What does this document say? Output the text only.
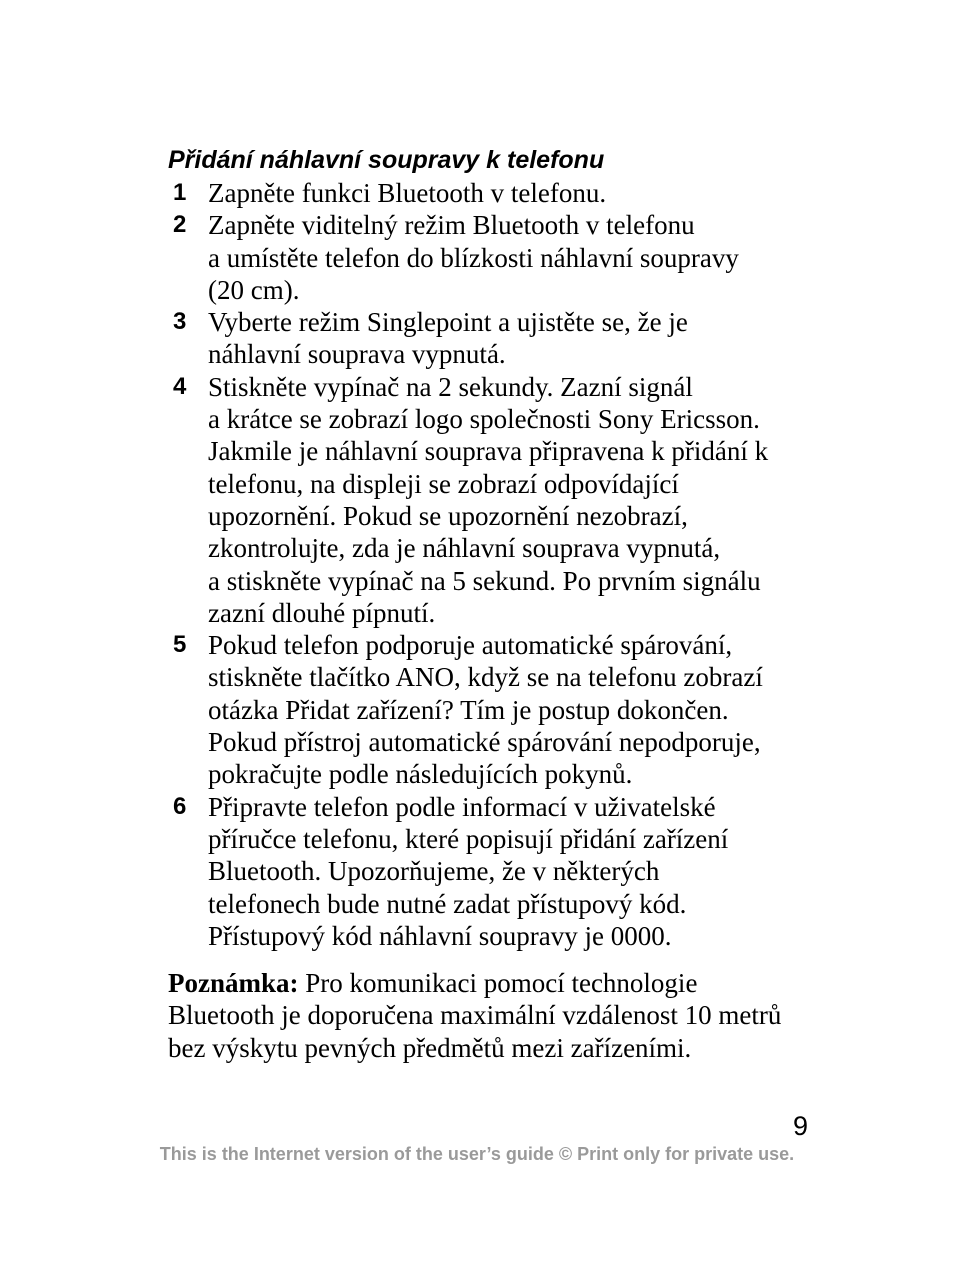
Přidání náhlavní soupravy k telefonu
1 Zapněte funkci Bluetooth v telefonu.
2 Zapněte viditelný režim Bluetooth v telefonu
a umístěte telefon do blízkosti náhlavní soupravy
(20 cm).
3 Vyberte režim Singlepoint a ujistěte se, že je
náhlavní souprava vypnutá.
4 Stiskněte vypínač na 2 sekundy. Zazní signál
a krátce se zobrazí logo společnosti Sony Ericsson.
Jakmile je náhlavní souprava připravena k přidání k
telefonu, na displeji se zobrazí odpovídající
upozornění. Pokud se upozornění nezobrazí,
zkontrolujte, zda je náhlavní souprava vypnutá,
a stiskněte vypínač na 5 sekund. Po prvním signálu
zazní dlouhé pípnutí.
5 Pokud telefon podporuje automatické spárování,
stiskněte tlačítko ANO, když se na telefonu zobrazí
otázka Přidat zařízení? Tím je postup dokončen.
Pokud přístroj automatické spárování nepodporuje,
pokračujte podle následujících pokynů.
6 Připravte telefon podle informací v uživatelské
příručce telefonu, které popisují přidání zařízení
Bluetooth. Upozorňujeme, že v některých
telefonech bude nutné zadat přístupový kód.
Přístupový kód náhlavní soupravy je 0000.
Poznámka: Pro komunikaci pomocí technologie
Bluetooth je doporučena maximální vzdálenost 10 metrů
bez výskytu pevných předmětů mezi zařízeními.
9
This is the Internet version of the user’s guide © Print only for private use.
